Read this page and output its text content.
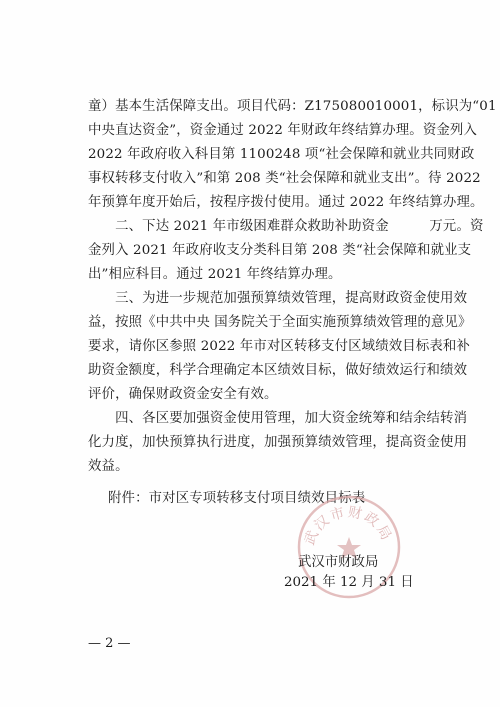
童）基本生活保障支出。项目代码：Z175080010001，标识为“01
中央直达资金”，资金通过 2022 年财政年终结算办理。资金列入
2022 年政府收入科目第 1100248 项“社会保障和就业共同财政
事权转移支付收入”和第 208 类“社会保障和就业支出”。待 2022
年预算年度开始后，按程序拨付使用。通过 2022 年终结算办理。
　　二、下达 2021 年市级困难群众救助补助资金　　　万元。资
金列入 2021 年政府收支分类科目第 208 类“社会保障和就业支
出”相应科目。通过 2021 年终结算办理。
　　三、为进一步规范加强预算绩效管理，提高财政资金使用效
益，按照《中共中央 国务院关于全面实施预算绩效管理的意见》
要求，请你区参照 2022 年市对区转移支付区域绩效目标表和补
助资金额度，科学合理确定本区绩效目标，做好绩效运行和绩效
评价，确保财政资金安全有效。
　　四、各区要加强资金使用管理，加大资金统筹和结余结转消
化力度，加快预算执行进度，加强预算绩效管理，提高资金使用
效益。
附件：市对区专项转移支付项目绩效目标表
武汉市财政局
武汉市财政局
2021 年 12 月 31 日
— 2 —
